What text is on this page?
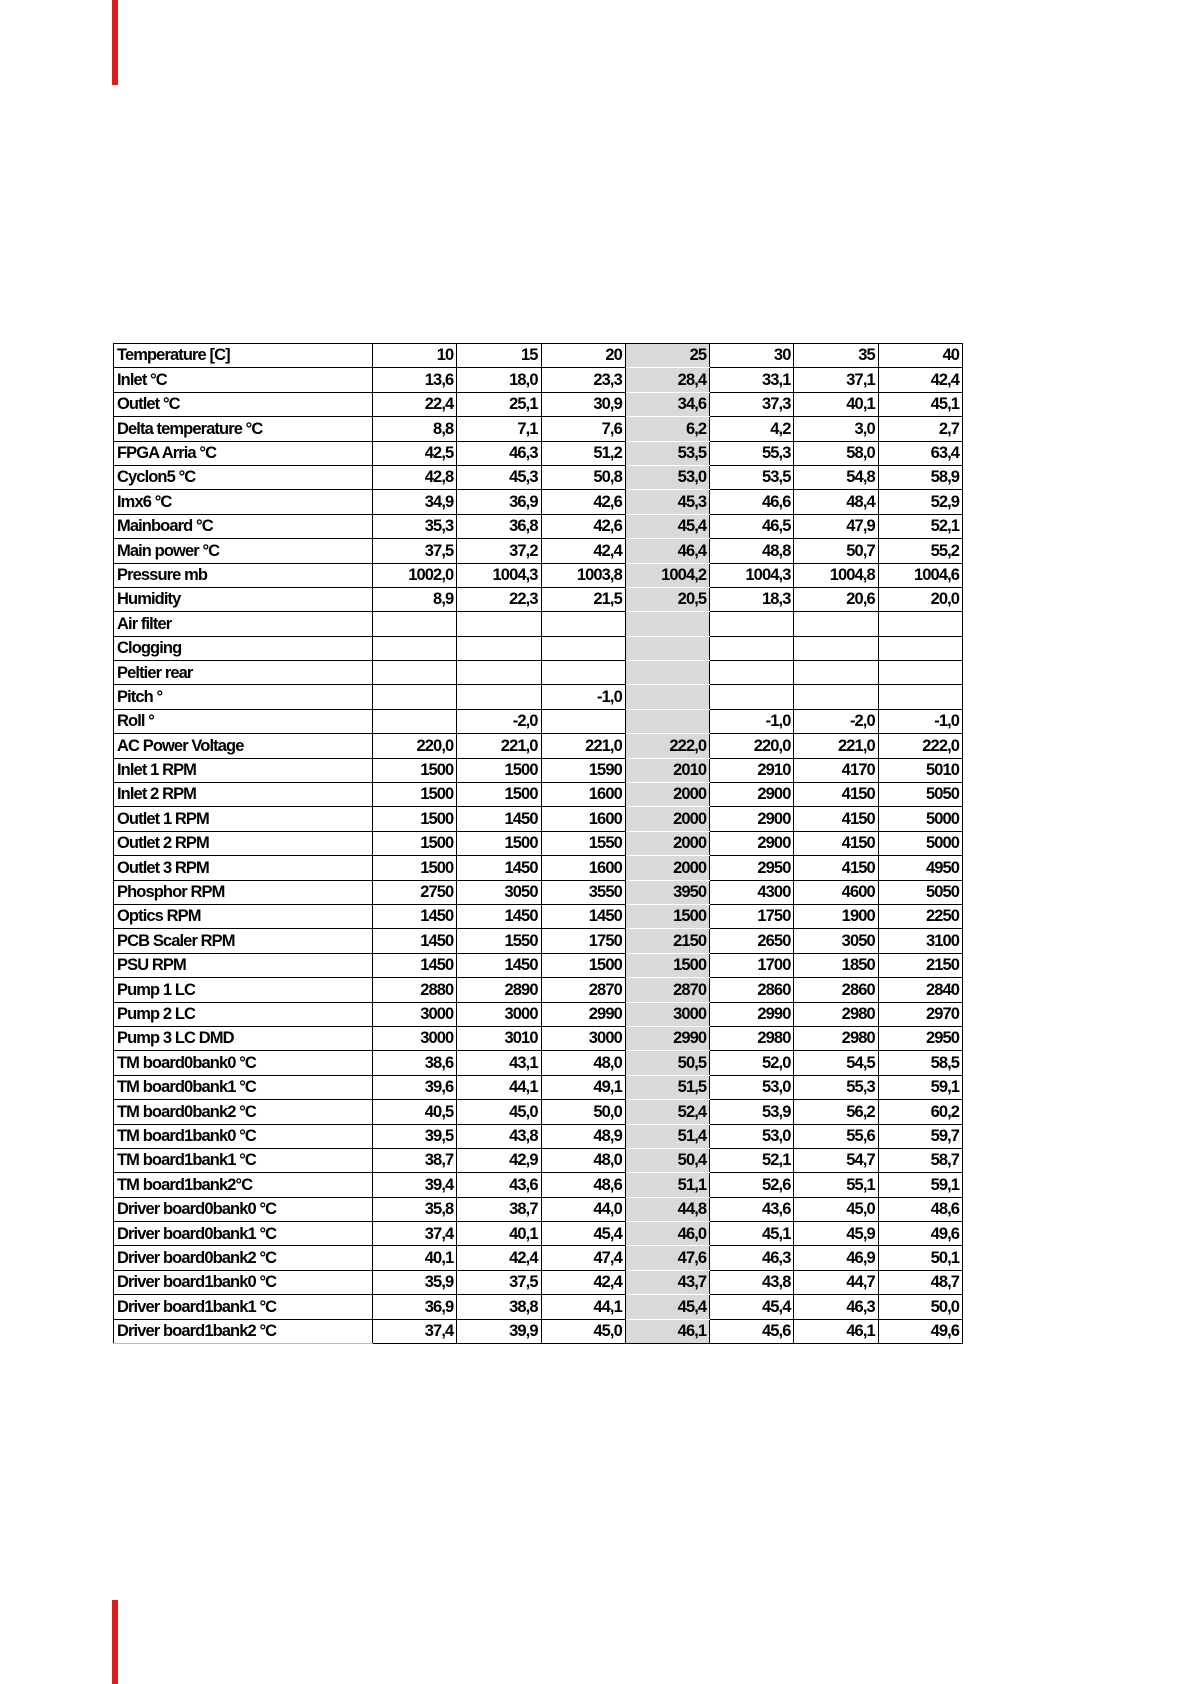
Temperature [C]	10	15	20	25	30	35	40
Inlet °C	13,6	18,0	23,3	28,4	33,1	37,1	42,4
Outlet °C	22,4	25,1	30,9	34,6	37,3	40,1	45,1
Delta temperature °C	8,8	7,1	7,6	6,2	4,2	3,0	2,7
FPGA Arria °C	42,5	46,3	51,2	53,5	55,3	58,0	63,4
Cyclon5 °C	42,8	45,3	50,8	53,0	53,5	54,8	58,9
Imx6 °C	34,9	36,9	42,6	45,3	46,6	48,4	52,9
Mainboard °C	35,3	36,8	42,6	45,4	46,5	47,9	52,1
Main power °C	37,5	37,2	42,4	46,4	48,8	50,7	55,2
Pressure mb	1002,0	1004,3	1003,8	1004,2	1004,3	1004,8	1004,6
Humidity	8,9	22,3	21,5	20,5	18,3	20,6	20,0
Air filter							
Clogging							
Peltier rear							
Pitch °			-1,0				
Roll °		-2,0			-1,0	-2,0	-1,0
AC Power Voltage	220,0	221,0	221,0	222,0	220,0	221,0	222,0
Inlet 1 RPM	1500	1500	1590	2010	2910	4170	5010
Inlet 2 RPM	1500	1500	1600	2000	2900	4150	5050
Outlet 1 RPM	1500	1450	1600	2000	2900	4150	5000
Outlet 2 RPM	1500	1500	1550	2000	2900	4150	5000
Outlet 3 RPM	1500	1450	1600	2000	2950	4150	4950
Phosphor RPM	2750	3050	3550	3950	4300	4600	5050
Optics RPM	1450	1450	1450	1500	1750	1900	2250
PCB Scaler RPM	1450	1550	1750	2150	2650	3050	3100
PSU RPM	1450	1450	1500	1500	1700	1850	2150
Pump 1 LC	2880	2890	2870	2870	2860	2860	2840
Pump 2 LC	3000	3000	2990	3000	2990	2980	2970
Pump 3 LC DMD	3000	3010	3000	2990	2980	2980	2950
TM board0bank0 °C	38,6	43,1	48,0	50,5	52,0	54,5	58,5
TM board0bank1 °C	39,6	44,1	49,1	51,5	53,0	55,3	59,1
TM board0bank2 °C	40,5	45,0	50,0	52,4	53,9	56,2	60,2
TM board1bank0 °C	39,5	43,8	48,9	51,4	53,0	55,6	59,7
TM board1bank1 °C	38,7	42,9	48,0	50,4	52,1	54,7	58,7
TM board1bank2°C	39,4	43,6	48,6	51,1	52,6	55,1	59,1
Driver board0bank0 °C	35,8	38,7	44,0	44,8	43,6	45,0	48,6
Driver board0bank1 °C	37,4	40,1	45,4	46,0	45,1	45,9	49,6
Driver board0bank2 °C	40,1	42,4	47,4	47,6	46,3	46,9	50,1
Driver board1bank0 °C	35,9	37,5	42,4	43,7	43,8	44,7	48,7
Driver board1bank1 °C	36,9	38,8	44,1	45,4	45,4	46,3	50,0
Driver board1bank2 °C	37,4	39,9	45,0	46,1	45,6	46,1	49,6
